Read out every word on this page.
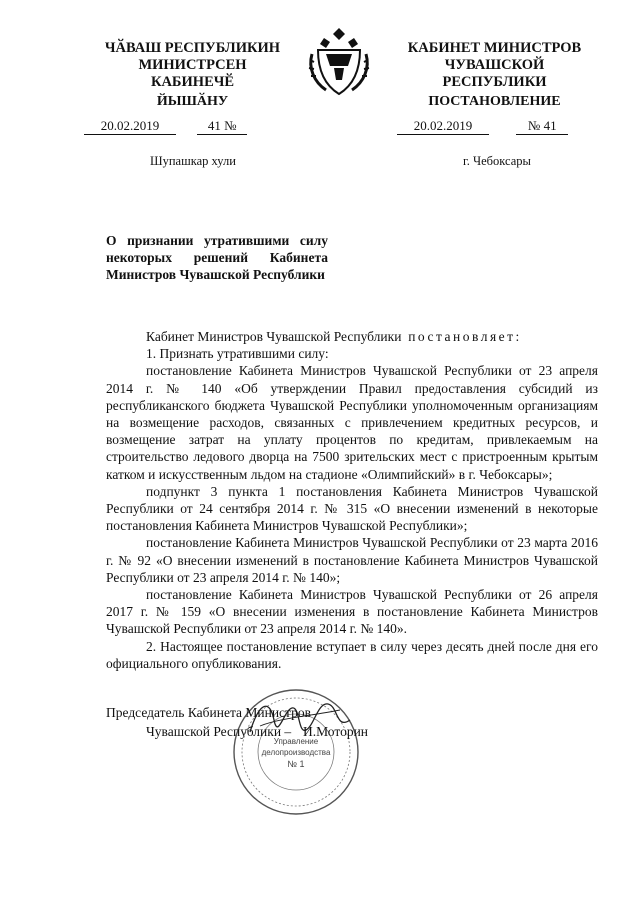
ЧӐВАШ РЕСПУБЛИКИН
МИНИСТРСЕН КАБИНЕЧӖ
КАБИНЕТ МИНИСТРОВ
ЧУВАШСКОЙ РЕСПУБЛИКИ
ЙЫШӐНУ	ПОСТАНОВЛЕНИЕ
20.02.2019	41 №	20.02.2019	№ 41
Шупашкар хули	г. Чебоксары
О признании утратившими силу некоторых решений Кабинета Министров Чувашской Республики

Кабинет Министров Чувашской Республики постановляет:

1. Признать утратившими силу:

постановление Кабинета Министров Чувашской Республики от 23 апреля 2014 г. № 140 «Об утверждении Правил предоставления субсидий из республиканского бюджета Чувашской Республики уполномоченным организациям на возмещение расходов, связанных с привлечением кредитных ресурсов, и возмещение затрат на уплату процентов по кредитам, привлекаемым на строительство ледового дворца на 7500 зрительских мест с пристроенным крытым катком и искусственным льдом на стадионе «Олимпийский» в г. Чебоксары»;

подпункт 3 пункта 1 постановления Кабинета Министров Чувашской Республики от 24 сентября 2014 г. № 315 «О внесении изменений в некоторые постановления Кабинета Министров Чувашской Республики»;

постановление Кабинета Министров Чувашской Республики от 23 марта 2016 г. № 92 «О внесении изменений в постановление Кабинета Министров Чувашской Республики от 23 апреля 2014 г. № 140»;

постановление Кабинета Министров Чувашской Республики от 26 апреля 2017 г. № 159 «О внесении изменения в постановление Кабинета Министров Чувашской Республики от 23 апреля 2014 г. № 140».

2. Настоящее постановление вступает в силу через десять дней после дня его официального опубликования.

Управление
делопроизводства
№ 1
Председатель Кабинета Министров
Чувашской Республики – И.Моторин
